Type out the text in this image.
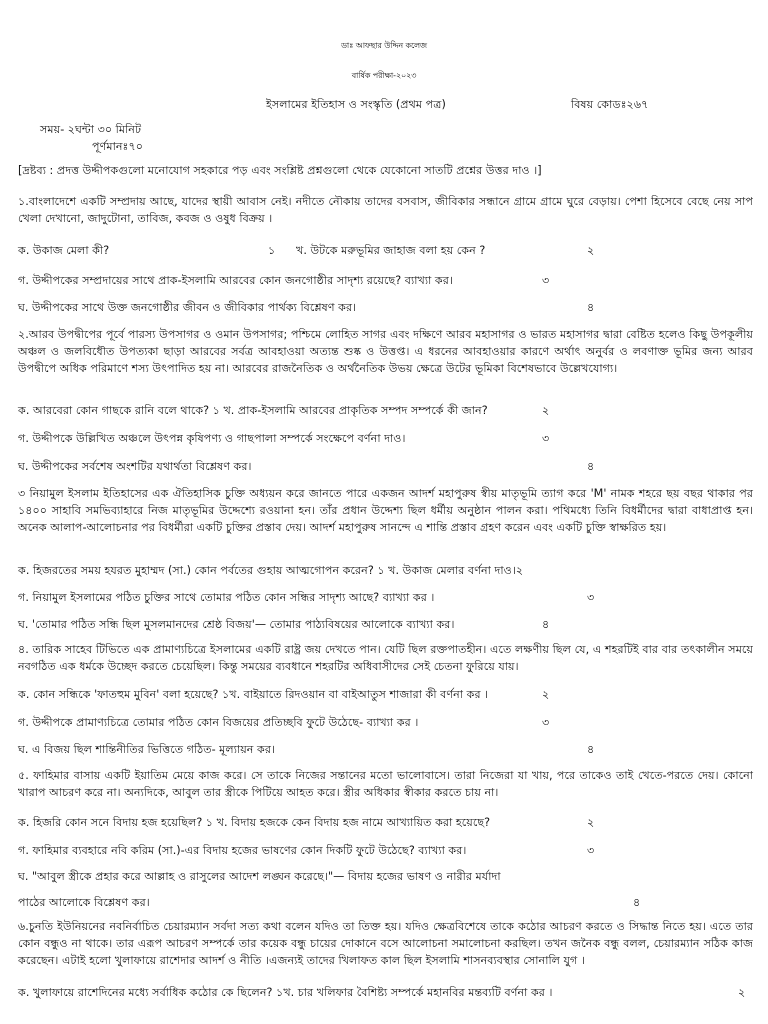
ডাঃ আফছার উদ্দিন কলেজ
বার্ষিক পরীক্ষা-২০২৩
ইসলামের ইতিহাস ও সংস্কৃতি (প্রথম পত্র)	বিষয় কোডঃ২৬৭
সময়- ২ঘন্টা ৩০ মিনিট
পূর্ণমানঃ৭০
[দ্রষ্টব্য : প্রদত্ত উদ্দীপকগুলো মনোযোগ সহকারে পড় এবং সংশ্লিষ্ট প্রশ্নগুলো থেকে যেকোনো সাতটি প্রশ্নের উত্তর দাও ।]
১.বাংলাদেশে একটি সম্প্রদায় আছে, যাদের স্থায়ী আবাস নেই। নদীতে নৌকায় তাদের বসবাস, জীবিকার সন্ধানে গ্রামে গ্রামে ঘুরে বেড়ায়। পেশা হিসেবে বেছে নেয় সাপ খেলা দেখানো, জাদুটোনা, তাবিজ, কবজ ও ওষুধ বিক্রয় ।
ক. উকাজ মেলা কী?	১ খ. উটকে মরুভূমির জাহাজ বলা হয় কেন ?	২
গ. উদ্দীপকের সম্প্রদায়ের সাথে প্রাক-ইসলামি আরবের কোন জনগোষ্ঠীর সাদৃশ্য রয়েছে? ব্যাখ্যা কর।	৩
ঘ. উদ্দীপকের সাথে উক্ত জনগোষ্ঠীর জীবন ও জীবিকার পার্থক্য বিশ্লেষণ কর।	৪
২.আরব উপদ্বীপের পূর্বে পারস্য উপসাগর ও ওমান উপসাগর; পশ্চিমে লোহিত সাগর এবং দক্ষিণে আরব মহাসাগর ও ভারত মহাসাগর দ্বারা বেষ্টিত হলেও কিছু উপকূলীয় অঞ্চল ও জলবিধৌত উপত্যকা ছাড়া আরবের সর্বত্র আবহাওয়া অত্যন্ত শুষ্ক ও উত্তপ্ত। এ ধরনের আবহাওয়ার কারণে অর্থাৎ অনুর্বর ও লবণাক্ত ভূমির জন্য আরব উপদ্বীপে অধিক পরিমাণে শস্য উৎপাদিত হয় না। আরবের রাজনৈতিক ও অর্থনৈতিক উভয় ক্ষেত্রে উটের ভূমিকা বিশেষভাবে উল্লেখযোগ্য।
ক. আরবেরা কোন গাছকে রানি বলে থাকে? ১ খ. প্রাক-ইসলামি আরবের প্রাকৃতিক সম্পদ সম্পর্কে কী জান?	২
গ. উদ্দীপকে উল্লিখিত অঞ্চলে উৎপন্ন কৃষিপণ্য ও গাছপালা সম্পর্কে সংক্ষেপে বর্ণনা দাও।	৩
ঘ. উদ্দীপকের সর্বশেষ অংশটির যথার্থতা বিশ্লেষণ কর।	৪
৩ নিয়ামুল ইসলাম ইতিহাসের এক ঐতিহাসিক চুক্তি অধ্যয়ন করে জানতে পারে একজন আদর্শ মহাপুরুষ স্বীয় মাতৃভূমি ত্যাগ করে 'M' নামক শহরে ছয় বছর থাকার পর ১৪০০ সাহাবি সমভিব্যাহারে নিজ মাতৃভূমির উদ্দেশ্যে রওয়ানা হন। তাঁর প্রধান উদ্দেশ্য ছিল ধর্মীয় অনুষ্ঠান পালন করা। পথিমধ্যে তিনি বিধর্মীদের দ্বারা বাধাপ্রাপ্ত হন। অনেক আলাপ-আলোচনার পর বিধর্মীরা একটি চুক্তির প্রস্তাব দেয়। আদর্শ মহাপুরুষ সানন্দে এ শান্তি প্রস্তাব গ্রহণ করেন এবং একটি চুক্তি স্বাক্ষরিত হয়।
ক. হিজরতের সময় হযরত মুহাম্মদ (সা.) কোন পর্বতের গুহায় আত্মগোপন করেন? ১ খ. উকাজ মেলার বর্ণনা দাও।২
গ. নিয়ামুল ইসলামের পঠিত চুক্তির সাথে তোমার পঠিত কোন সন্ধির সাদৃশ্য আছে? ব্যাখ্যা কর ।	৩
ঘ. 'তোমার পঠিত সন্ধি ছিল মুসলমানদের শ্রেষ্ঠ বিজয়'— তোমার পাঠ্যবিষয়ের আলোকে ব্যাখ্যা কর।	৪
৪. তারিক সাহেব টিভিতে এক প্রামাণ্যচিত্রে ইসলামের একটি রাষ্ট্র জয় দেখতে পান। যেটি ছিল রক্তপাতহীন। এতে লক্ষণীয় ছিল যে, এ শহরটিই বার বার তৎকালীন সময়ে নবগঠিত এক ধর্মকে উচ্ছেদ করতে চেয়েছিল। কিন্তু সময়ের ব্যবধানে শহরটির অধিবাসীদের সেই চেতনা ফুরিয়ে যায়।
ক. কোন সন্ধিকে 'ফাতহুম মুবিন' বলা হয়েছে? ১খ. বাইয়াতে রিদওয়ান বা বাইআতুস শাজারা কী বর্ণনা কর ।	২
গ. উদ্দীপকে প্রামাণ্যচিত্রে তোমার পঠিত কোন বিজয়ের প্রতিচ্ছবি ফুটে উঠেছে- ব্যাখ্যা কর ।	৩
ঘ. এ বিজয় ছিল শান্তিনীতির ভিত্তিতে গঠিত- মূল্যায়ন কর।	৪
৫. ফাহিমার বাসায় একটি ইয়াতিম মেয়ে কাজ করে। সে তাকে নিজের সন্তানের মতো ভালোবাসে। তারা নিজেরা যা খায়, পরে তাকেও তাই খেতে-পরতে দেয়। কোনো খারাপ আচরণ করে না। অন্যদিকে, আবুল তার স্ত্রীকে পিটিয়ে আহত করে। স্ত্রীর অধিকার স্বীকার করতে চায় না।
ক. হিজরি কোন সনে বিদায় হজ হয়েছিল? ১ খ. বিদায় হজকে কেন বিদায় হজ নামে আখ্যায়িত করা হয়েছে?	২
গ. ফাহিমার ব্যবহারে নবি করিম (সা.)-এর বিদায় হজের ভাষণের কোন দিকটি ফুটে উঠেছে? ব্যাখ্যা কর।	৩
ঘ. "আবুল স্ত্রীকে প্রহার করে আল্লাহ ও রাসুলের আদেশ লঙ্ঘন করেছে।"— বিদায় হজের ভাষণ ও নারীর মর্যাদা
পাঠের আলোকে বিশ্লেষণ কর।	৪
৬.চুনতি ইউনিয়নের নবনির্বাচিত চেয়ারম্যান সর্বদা সত্য কথা বলেন যদিও তা তিক্ত হয়। যদিও ক্ষেত্রবিশেষে তাকে কঠোর আচরণ করতে ও সিদ্ধান্ত নিতে হয়। এতে তার কোন বন্ধুও না থাকে। তার এরূপ আচরণ সম্পর্কে তার কয়েক বন্ধু চায়ের দোকানে বসে আলোচনা সমালোচনা করছিল। তখন জনৈক বন্ধু বলল, চেয়ারম্যান সঠিক কাজ করেছেন। এটাই হলো খুলাফায়ে রাশেদার আদর্শ ও নীতি ।এজন্যই তাদের খিলাফত কাল ছিল ইসলামি শাসনব্যবস্থার সোনালি যুগ ।
ক. খুলাফায়ে রাশেদিনের মধ্যে সর্বাধিক কঠোর কে ছিলেন? ১খ. চার খলিফার বৈশিষ্ট্য সম্পর্কে মহানবির মন্তব্যটি বর্ণনা কর ।	২
